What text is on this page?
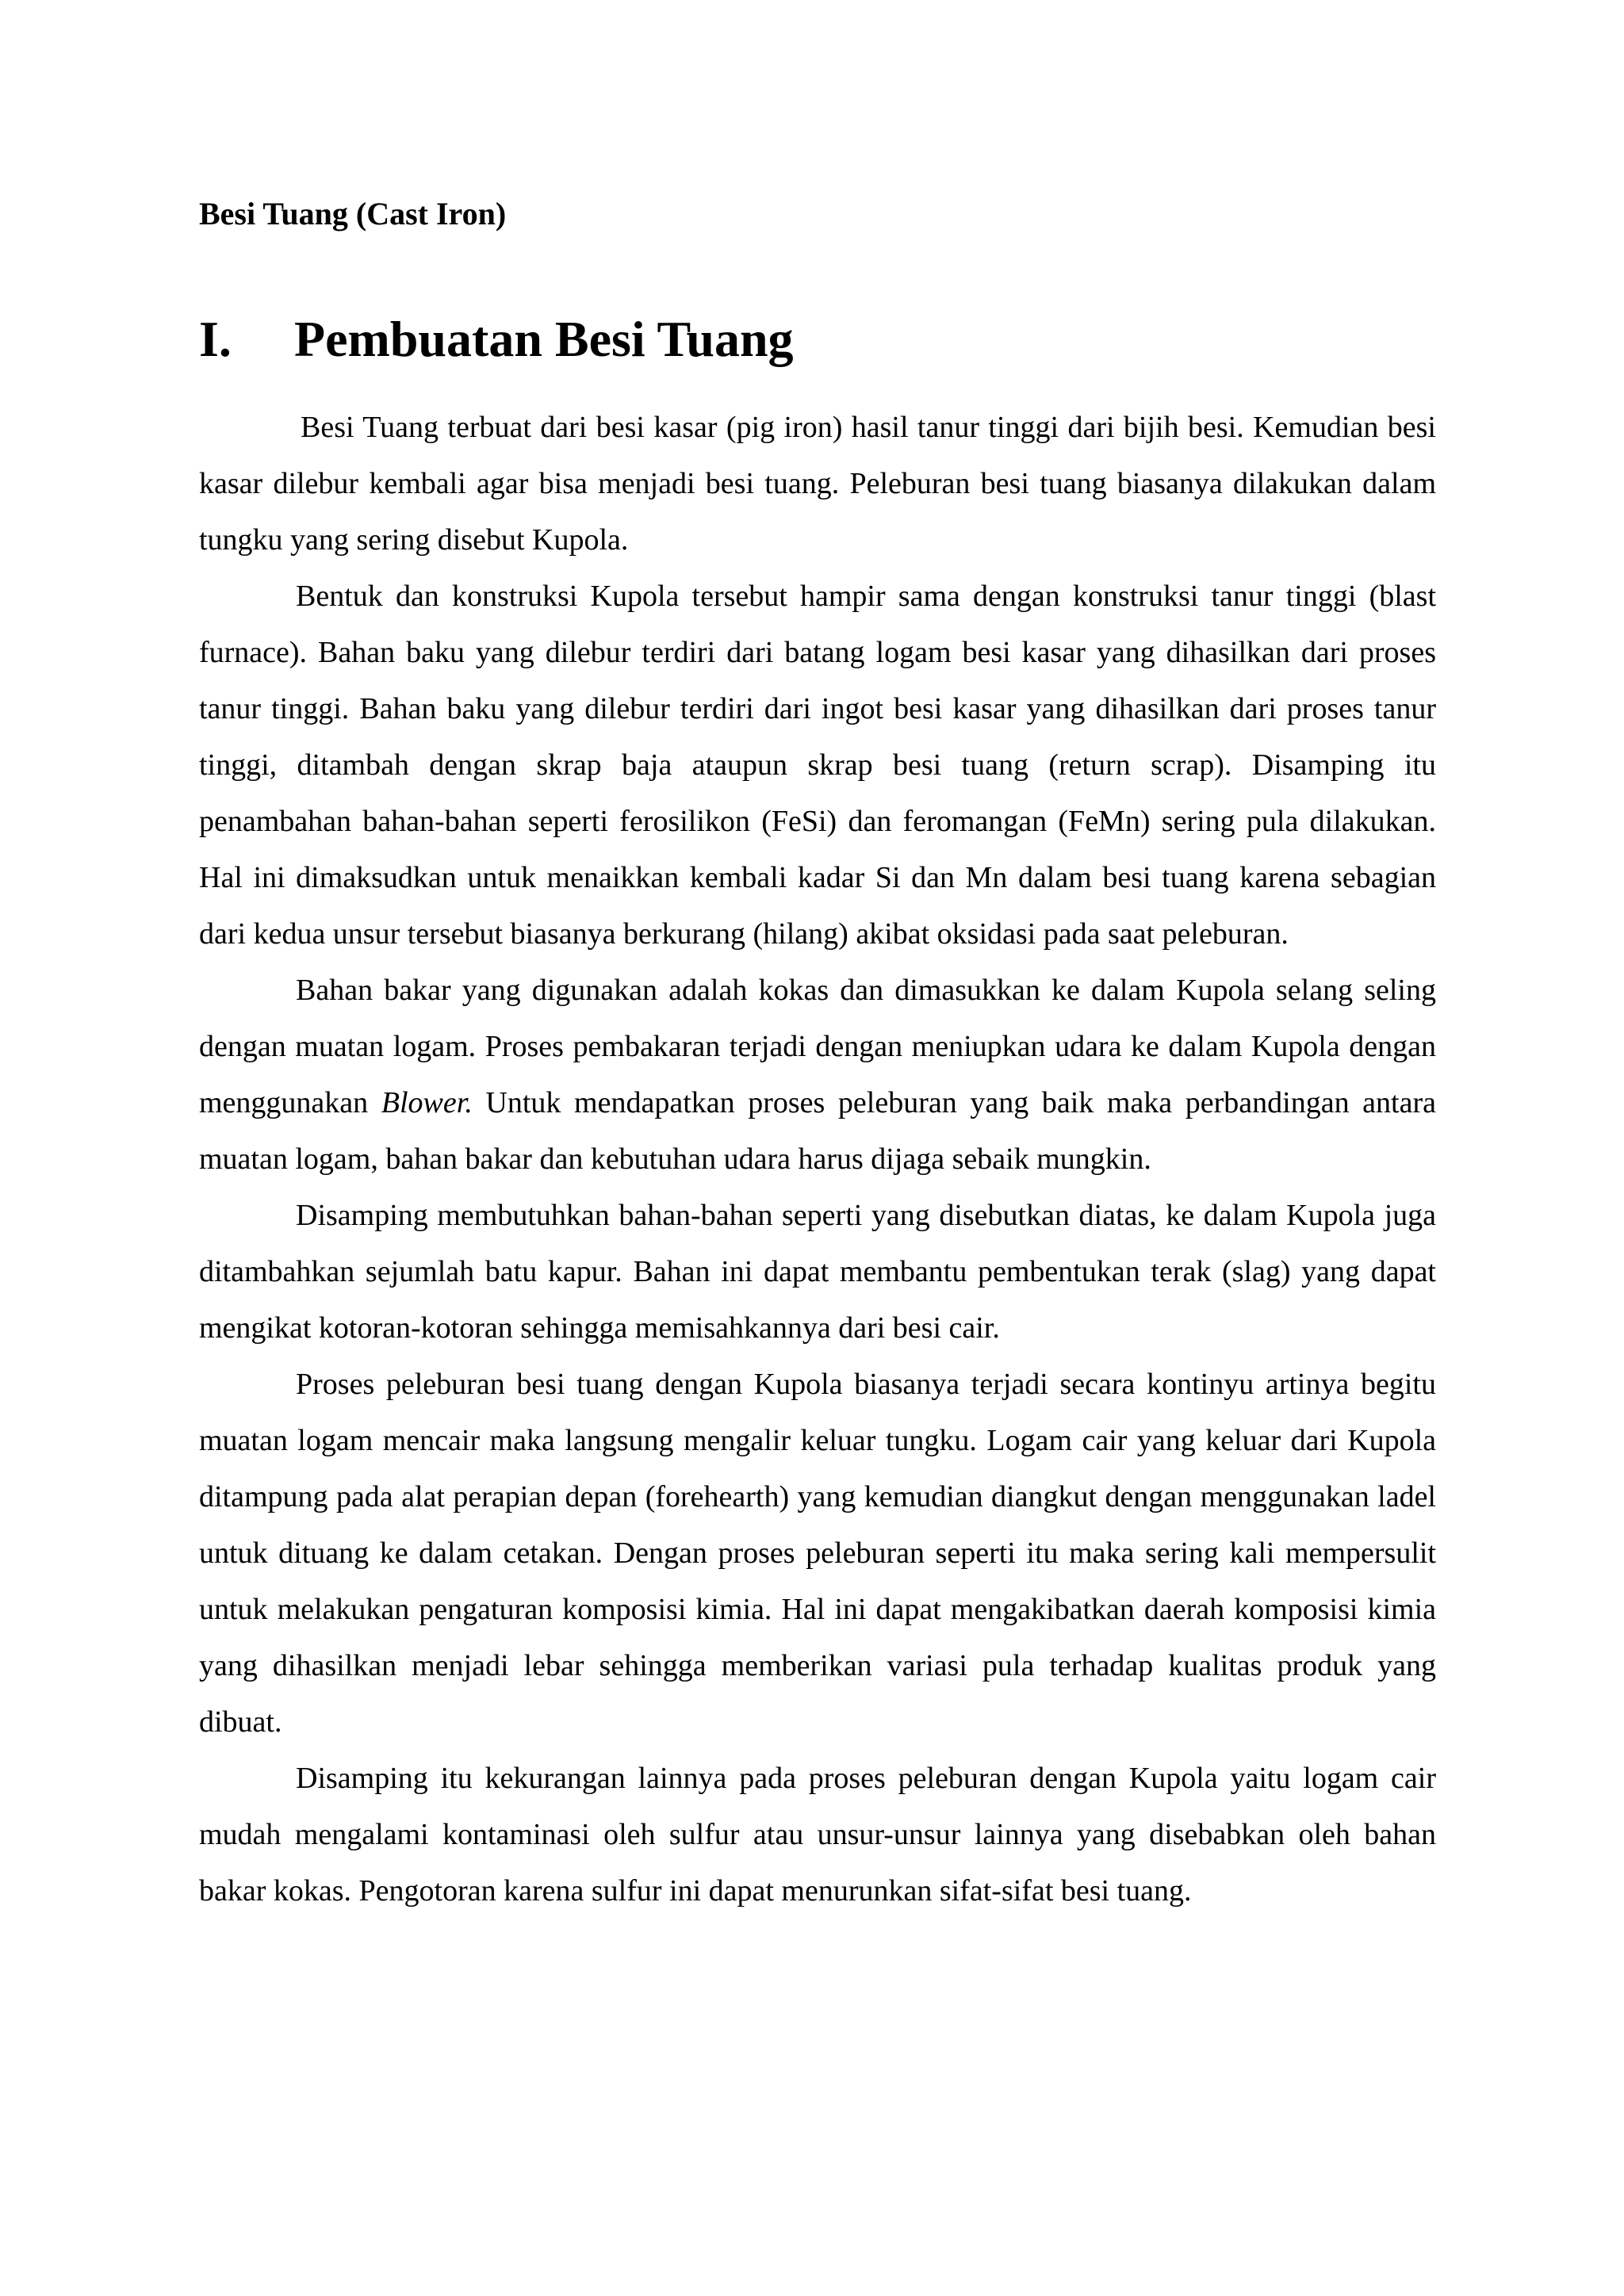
Besi Tuang (Cast Iron)
I. Pembuatan Besi Tuang

Besi Tuang terbuat dari besi kasar (pig iron) hasil tanur tinggi dari bijih besi. Kemudian besi kasar dilebur kembali agar bisa menjadi besi tuang. Peleburan besi tuang biasanya dilakukan dalam tungku yang sering disebut Kupola.

Bentuk dan konstruksi Kupola tersebut hampir sama dengan konstruksi tanur tinggi (blast furnace). Bahan baku yang dilebur terdiri dari batang logam besi kasar yang dihasilkan dari proses tanur tinggi. Bahan baku yang dilebur terdiri dari ingot besi kasar yang dihasilkan dari proses tanur tinggi, ditambah dengan skrap baja ataupun skrap besi tuang (return scrap). Disamping itu penambahan bahan-bahan seperti ferosilikon (FeSi) dan feromangan (FeMn) sering pula dilakukan. Hal ini dimaksudkan untuk menaikkan kembali kadar Si dan Mn dalam besi tuang karena sebagian dari kedua unsur tersebut biasanya berkurang (hilang) akibat oksidasi pada saat peleburan.

Bahan bakar yang digunakan adalah kokas dan dimasukkan ke dalam Kupola selang seling dengan muatan logam. Proses pembakaran terjadi dengan meniupkan udara ke dalam Kupola dengan menggunakan Blower. Untuk mendapatkan proses peleburan yang baik maka perbandingan antara muatan logam, bahan bakar dan kebutuhan udara harus dijaga sebaik mungkin.

Disamping membutuhkan bahan-bahan seperti yang disebutkan diatas, ke dalam Kupola juga ditambahkan sejumlah batu kapur. Bahan ini dapat membantu pembentukan terak (slag) yang dapat mengikat kotoran-kotoran sehingga memisahkannya dari besi cair.

Proses peleburan besi tuang dengan Kupola biasanya terjadi secara kontinyu artinya begitu muatan logam mencair maka langsung mengalir keluar tungku. Logam cair yang keluar dari Kupola ditampung pada alat perapian depan (forehearth) yang kemudian diangkut dengan menggunakan ladel untuk dituang ke dalam cetakan. Dengan proses peleburan seperti itu maka sering kali mempersulit untuk melakukan pengaturan komposisi kimia. Hal ini dapat mengakibatkan daerah komposisi kimia yang dihasilkan menjadi lebar sehingga memberikan variasi pula terhadap kualitas produk yang dibuat.

Disamping itu kekurangan lainnya pada proses peleburan dengan Kupola yaitu logam cair mudah mengalami kontaminasi oleh sulfur atau unsur-unsur lainnya yang disebabkan oleh bahan bakar kokas. Pengotoran karena sulfur ini dapat menurunkan sifat-sifat besi tuang.
